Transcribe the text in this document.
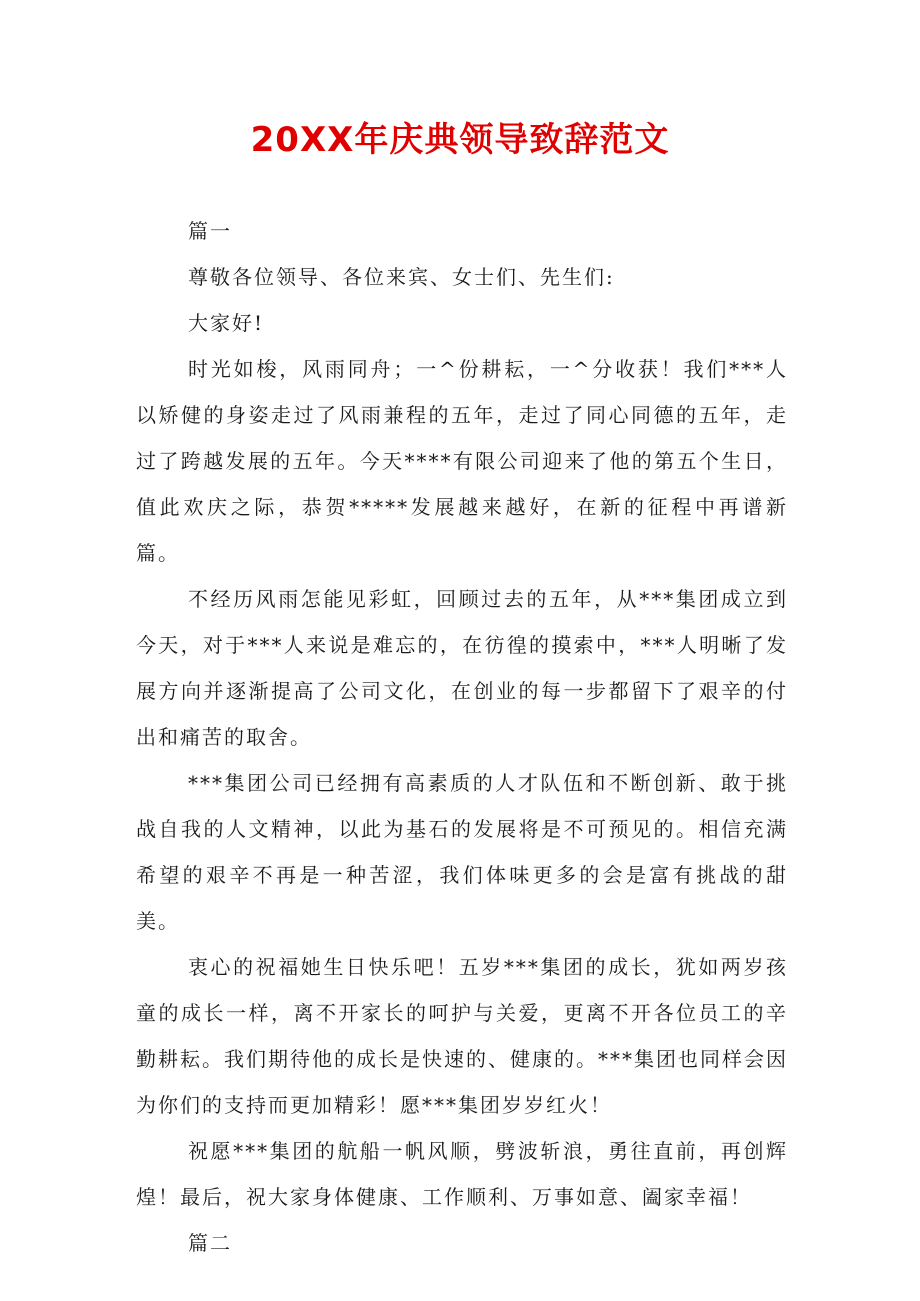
20XX年庆典领导致辞范文

篇一

尊敬各位领导、各位来宾、女士们、先生们:

大家好!

时光如梭，风雨同舟；一^份耕耘，一^分收获！我们***人以矫健的身姿走过了风雨兼程的五年，走过了同心同德的五年，走过了跨越发展的五年。今天****有限公司迎来了他的第五个生日，值此欢庆之际，恭贺*****发展越来越好，在新的征程中再谱新篇。

不经历风雨怎能见彩虹，回顾过去的五年，从***集团成立到今天，对于***人来说是难忘的，在彷徨的摸索中，***人明晰了发展方向并逐渐提高了公司文化，在创业的每一步都留下了艰辛的付出和痛苦的取舍。

***集团公司已经拥有高素质的人才队伍和不断创新、敢于挑战自我的人文精神，以此为基石的发展将是不可预见的。相信充满希望的艰辛不再是一种苦涩，我们体味更多的会是富有挑战的甜美。

衷心的祝福她生日快乐吧！五岁***集团的成长，犹如两岁孩童的成长一样，离不开家长的呵护与关爱，更离不开各位员工的辛勤耕耘。我们期待他的成长是快速的、健康的。***集团也同样会因为你们的支持而更加精彩！愿***集团岁岁红火！

祝愿***集团的航船一帆风顺，劈波斩浪，勇往直前，再创辉煌！最后，祝大家身体健康、工作顺利、万事如意、阖家幸福！

篇二
